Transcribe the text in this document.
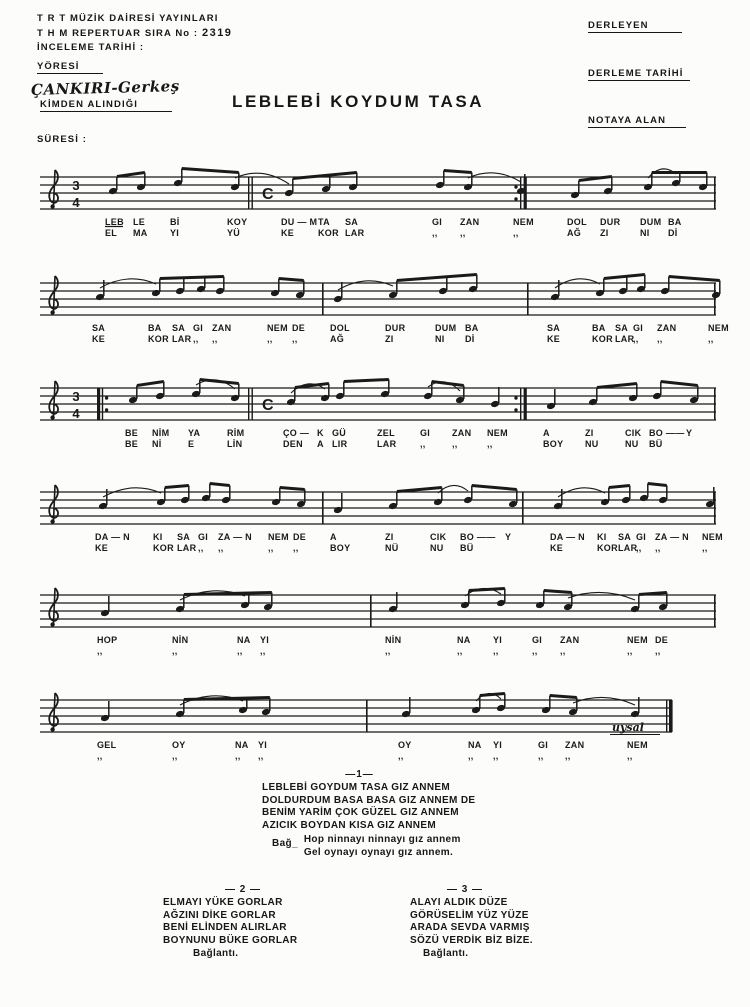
T R T MÜZİK DAİRESİ YAYINLARI
T H M REPERTUAR SIRA No : 2319
İNCELEME TARİHİ :
YÖRESİ
ÇANKIRI-Gerkeş
KİMDEN ALINDIĞI
SÜRESİ :
LEBLEBİ KOYDUM TASA
DERLEYEN
DERLEME TARİHİ
NOTAYA ALAN
3
4	C
LEB
EL
LE
MA
Bİ
YI
KOY
YÜ
DU — M
KE
TA
KOR
SA
LAR
GI
,,
ZAN
,,
NEM
,,
DOL
AĞ
DUR
ZI
DUM
NI
BA
Dİ
SA
KE
BA
KOR
SA
LAR
GI
,,
ZAN
,,
NEM
,,
DE
,,
DOL
AĞ
DUR
ZI
DUM
NI
BA
Dİ
SA
KE
BA
KOR
SA
LAR
GI
,,
ZAN
,,
NEM
,,
3
4	C
BE
BE
NİM
Nİ
YA
E
RİM
LİN
ÇO —
DEN
K
A
GÜ
LIR
ZEL
LAR
GI
,,
ZAN
,,
NEM
,,
A
BOY
ZI
NU
CIK
NU
BO ——
BÜ
Y
DA — N
KE
KI
KOR
SA
LAR
GI
,,
ZA — N
,,
NEM
,,
DE
,,
A
BOY
ZI
NÜ
CIK
NU
BO ——
BÜ
Y	DA — N
KE
KI
KOR
SA
LAR
GI
,,
ZA — N
,,
NEM
,,
HOP
,,
NİN
,,
NA
,,
YI
,,
NİN
,,
NA
,,
YI
,,
GI
,,
ZAN
,,
NEM
,,
DE
,,
GEL
,,
OY
,,
NA
,,
YI
,,
OY
,,
NA
,,
YI
,,
GI
,,
ZAN
,,
NEM
,,
uysal
—1—
LEBLEBİ GOYDUM TASA GIZ ANNEM
DOLDURDUM BASA BASA GIZ ANNEM DE
BENİM YARİM ÇOK GÜZEL GIZ ANNEM
AZICIK BOYDAN KISA GIZ ANNEM
Bağ_ Hop ninnayı ninnayı gız annem
Gel oynayı oynayı gız annem.
— 2 —
ELMAYI YÜKE GORLAR
AĞZINI DİKE GORLAR
BENİ ELİNDEN ALIRLAR
BOYNUNU BÜKE GORLAR
Bağlantı.
— 3 —
ALAYI ALDIK DÜZE
GÖRÜSELİM YÜZ YÜZE
ARADA SEVDA VARMIŞ
SÖZÜ VERDİK BİZ BİZE.
Bağlantı.
